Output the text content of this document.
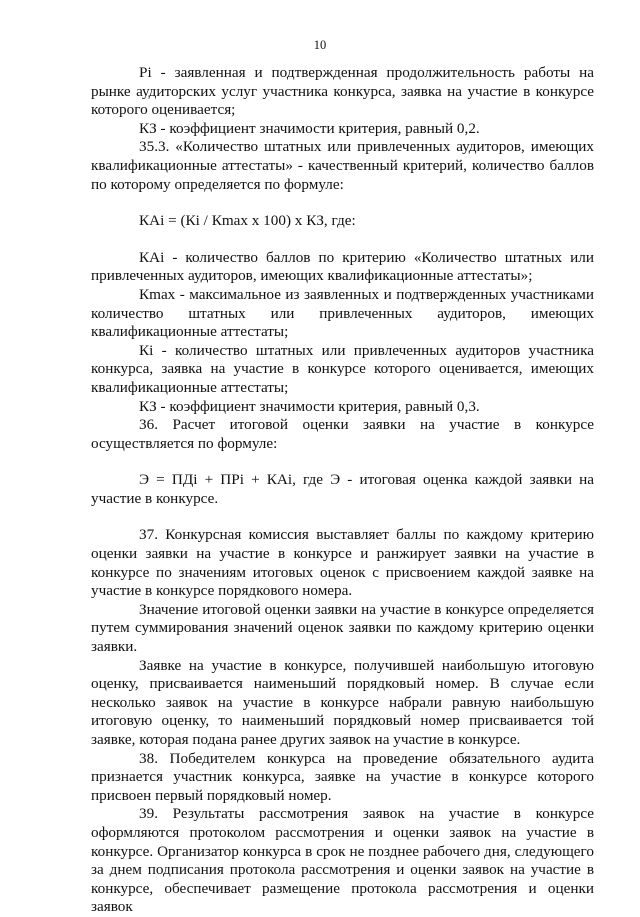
10

Pi - заявленная и подтвержденная продолжительность работы на рынке аудиторских услуг участника конкурса, заявка на участие в конкурсе которого оценивается;

КЗ - коэффициент значимости критерия, равный 0,2.

35.3. «Количество штатных или привлеченных аудиторов, имеющих квалификационные аттестаты» - качественный критерий, количество баллов по которому определяется по формуле:

КАi = (Кi / Кmax х 100) х КЗ, где:

КАi - количество баллов по критерию «Количество штатных или привлеченных аудиторов, имеющих квалификационные аттестаты»;

Кmax - максимальное из заявленных и подтвержденных участниками количество штатных или привлеченных аудиторов, имеющих квалификационные аттестаты;

Кi - количество штатных или привлеченных аудиторов участника конкурса, заявка на участие в конкурсе которого оценивается, имеющих квалификационные аттестаты;

КЗ - коэффициент значимости критерия, равный 0,3.

36. Расчет итоговой оценки заявки на участие в конкурсе осуществляется по формуле:

Э = ПДi + ПРi + КАi, где Э - итоговая оценка каждой заявки на участие в конкурсе.

37. Конкурсная комиссия выставляет баллы по каждому критерию оценки заявки на участие в конкурсе и ранжирует заявки на участие в конкурсе по значениям итоговых оценок с присвоением каждой заявке на участие в конкурсе порядкового номера.

Значение итоговой оценки заявки на участие в конкурсе определяется путем суммирования значений оценок заявки по каждому критерию оценки заявки.

Заявке на участие в конкурсе, получившей наибольшую итоговую оценку, присваивается наименьший порядковый номер. В случае если несколько заявок на участие в конкурсе набрали равную наибольшую итоговую оценку, то наименьший порядковый номер присваивается той заявке, которая подана ранее других заявок на участие в конкурсе.

38. Победителем конкурса на проведение обязательного аудита признается участник конкурса, заявке на участие в конкурсе которого присвоен первый порядковый номер.

39. Результаты рассмотрения заявок на участие в конкурсе оформляются протоколом рассмотрения и оценки заявок на участие в конкурсе. Организатор конкурса в срок не позднее рабочего дня, следующего за днем подписания протокола рассмотрения и оценки заявок на участие в конкурсе, обеспечивает размещение протокола рассмотрения и оценки заявок
